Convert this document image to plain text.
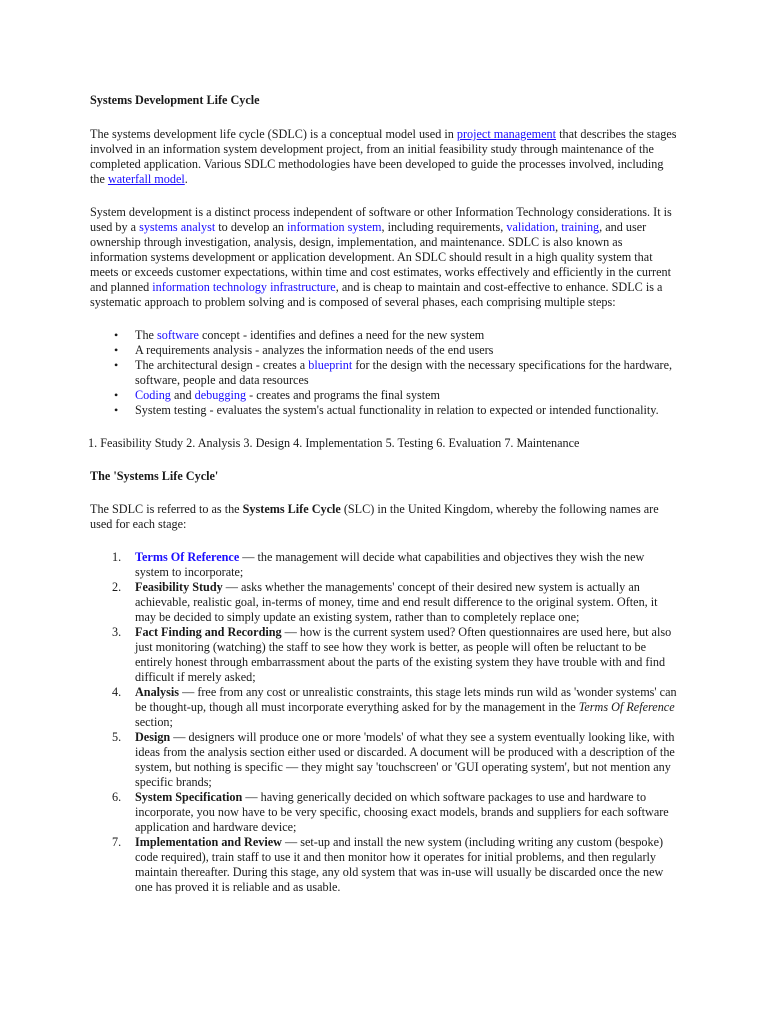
Systems Development Life Cycle

The systems development life cycle (SDLC) is a conceptual model used in project management that describes the stages involved in an information system development project, from an initial feasibility study through maintenance of the completed application. Various SDLC methodologies have been developed to guide the processes involved, including the waterfall model.

System development is a distinct process independent of software or other Information Technology considerations. It is used by a systems analyst to develop an information system, including requirements, validation, training, and user ownership through investigation, analysis, design, implementation, and maintenance. SDLC is also known as information systems development or application development. An SDLC should result in a high quality system that meets or exceeds customer expectations, within time and cost estimates, works effectively and efficiently in the current and planned information technology infrastructure, and is cheap to maintain and cost-effective to enhance. SDLC is a systematic approach to problem solving and is composed of several phases, each comprising multiple steps:

• The software concept - identifies and defines a need for the new system
• A requirements analysis - analyzes the information needs of the end users
• The architectural design - creates a blueprint for the design with the necessary specifications for the hardware, software, people and data resources
• Coding and debugging - creates and programs the final system
• System testing - evaluates the system's actual functionality in relation to expected or intended functionality.

1. Feasibility Study 2. Analysis 3. Design 4. Implementation 5. Testing 6. Evaluation 7. Maintenance

The 'Systems Life Cycle'

The SDLC is referred to as the Systems Life Cycle (SLC) in the United Kingdom, whereby the following names are used for each stage:

1. Terms Of Reference — the management will decide what capabilities and objectives they wish the new system to incorporate;
2. Feasibility Study — asks whether the managements' concept of their desired new system is actually an achievable, realistic goal, in-terms of money, time and end result difference to the original system. Often, it may be decided to simply update an existing system, rather than to completely replace one;
3. Fact Finding and Recording — how is the current system used? Often questionnaires are used here, but also just monitoring (watching) the staff to see how they work is better, as people will often be reluctant to be entirely honest through embarrassment about the parts of the existing system they have trouble with and find difficult if merely asked;
4. Analysis — free from any cost or unrealistic constraints, this stage lets minds run wild as 'wonder systems' can be thought-up, though all must incorporate everything asked for by the management in the Terms Of Reference section;
5. Design — designers will produce one or more 'models' of what they see a system eventually looking like, with ideas from the analysis section either used or discarded. A document will be produced with a description of the system, but nothing is specific — they might say 'touchscreen' or 'GUI operating system', but not mention any specific brands;
6. System Specification — having generically decided on which software packages to use and hardware to incorporate, you now have to be very specific, choosing exact models, brands and suppliers for each software application and hardware device;
7. Implementation and Review — set-up and install the new system (including writing any custom (bespoke) code required), train staff to use it and then monitor how it operates for initial problems, and then regularly maintain thereafter. During this stage, any old system that was in-use will usually be discarded once the new one has proved it is reliable and as usable.
